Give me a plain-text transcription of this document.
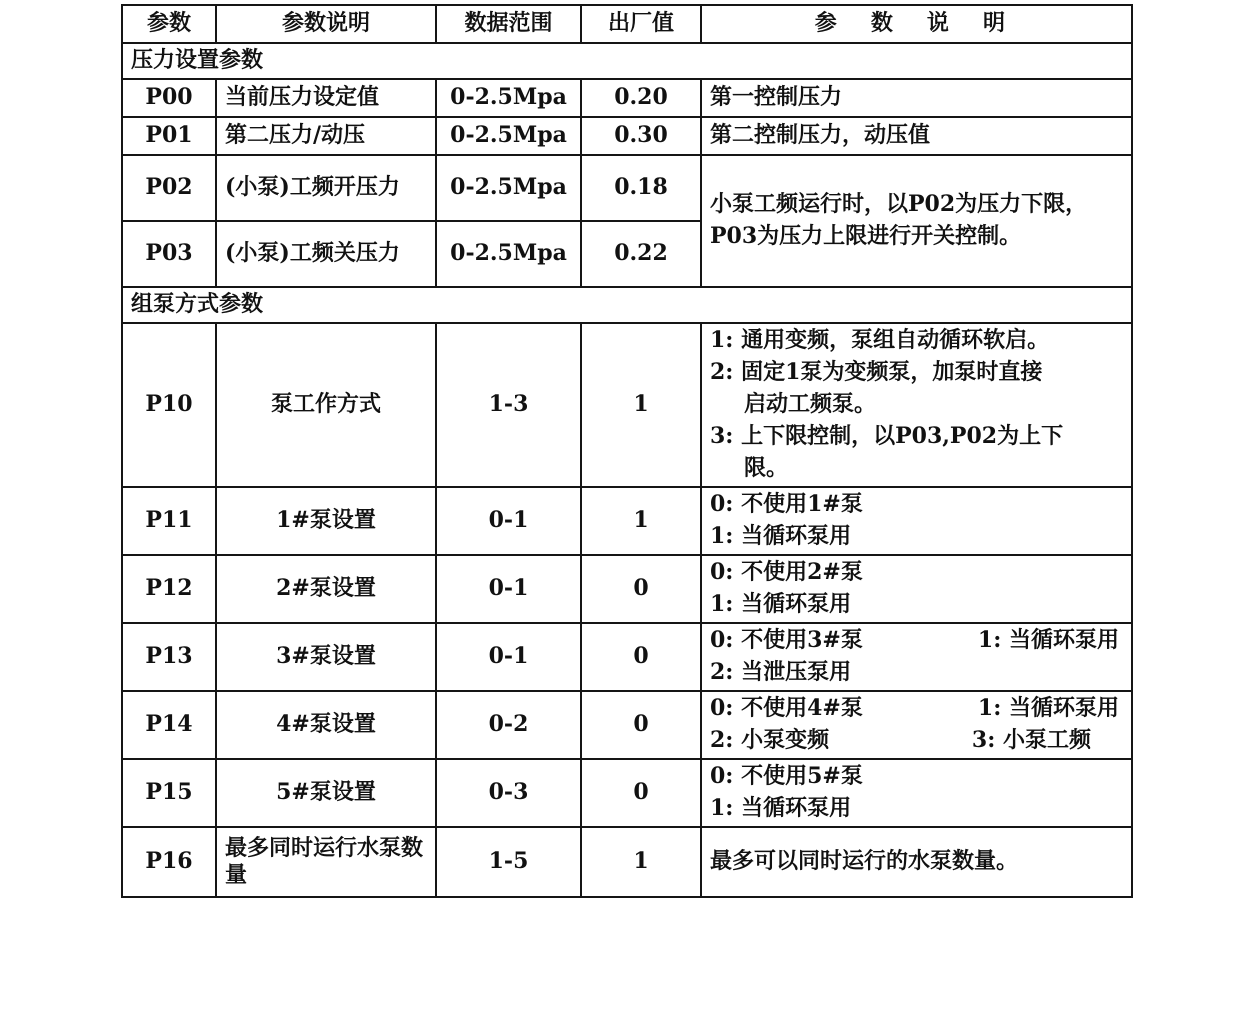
参数	参数说明	数据范围	出厂值	参 数 说 明
压力设置参数				
P00	当前压力设定值	0-2.5Mpa	0.20	第一控制压力
P01	第二压力/动压	0-2.5Mpa	0.30	第二控制压力，动压值
P02	(小泵)工频开压力	0-2.5Mpa	0.18	小泵工频运行时，以P02为压力下限，P03为压力上限进行开关控制。
P03	(小泵)工频关压力	0-2.5Mpa	0.22	
组泵方式参数				
P10	泵工作方式	1-3	1	1: 通用变频，泵组自动循环软启。
2: 固定1泵为变频泵，加泵时直接
启动工频泵。
3: 上下限控制，以P03,P02为上下
限。

P11	1#泵设置	0-1	1	0: 不使用1#泵
1: 当循环泵用

P12	2#泵设置	0-1	0	0: 不使用2#泵
1: 当循环泵用

P13	3#泵设置	0-1	0	0: 不使用3#泵 1: 当循环泵用
2: 当泄压泵用

P14	4#泵设置	0-2	0	0: 不使用4#泵 1: 当循环泵用
2: 小泵变频 3: 小泵工频

P15	5#泵设置	0-3	0	0: 不使用5#泵
1: 当循环泵用

P16	最多同时运行水泵数量	1-5	1	最多可以同时运行的水泵数量。
